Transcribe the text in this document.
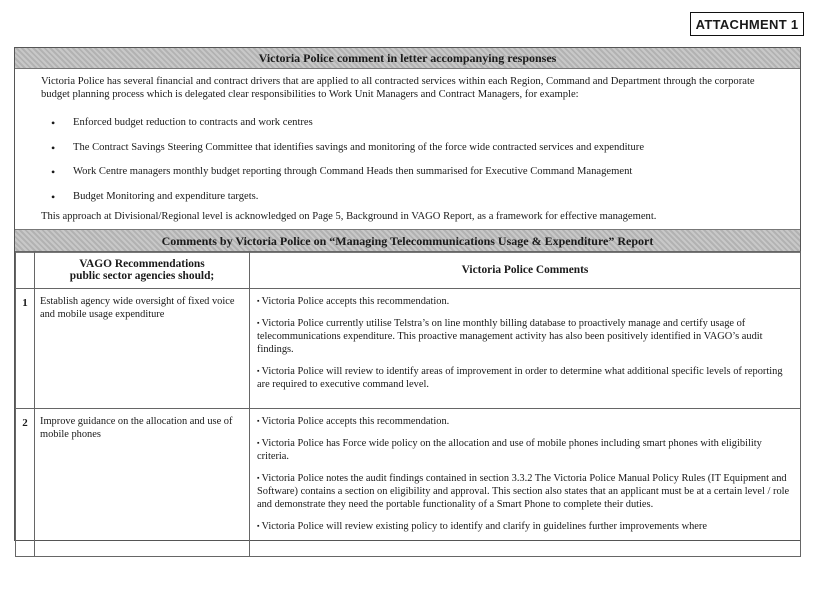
ATTACHMENT 1
Victoria Police comment in letter accompanying responses
Victoria Police has several financial and contract drivers that are applied to all contracted services within each Region, Command and Department through the corporate budget planning process which is delegated clear responsibilities to Work Unit Managers and Contract Managers, for example:
• Enforced budget reduction to contracts and work centres
• The Contract Savings Steering Committee that identifies savings and monitoring of the force wide contracted services and expenditure
• Work Centre managers monthly budget reporting through Command Heads then summarised for Executive Command Management
• Budget Monitoring and expenditure targets.
This approach at Divisional/Regional level is acknowledged on Page 5, Background in VAGO Report, as a framework for effective management.
Comments by Victoria Police on “Managing Telecommunications Usage & Expenditure” Report

	VAGO Recommendations
public sector agencies should;	Victoria Police Comments
1	Establish agency wide oversight of fixed voice and mobile usage expenditure	▪ Victoria Police accepts this recommendation.
▪ Victoria Police currently utilise Telstra’s on line monthly billing database to proactively manage and certify usage of telecommunications expenditure. This proactive management activity has also been positively identified in VAGO’s audit findings.
▪ Victoria Police will review to identify areas of improvement in order to determine what additional specific levels of reporting are required to executive command level.

2	Improve guidance on the allocation and use of mobile phones	▪ Victoria Police accepts this recommendation.
▪ Victoria Police has Force wide policy on the allocation and use of mobile phones including smart phones with eligibility criteria.
▪ Victoria Police notes the audit findings contained in section 3.3.2 The Victoria Police Manual Policy Rules (IT Equipment and Software) contains a section on eligibility and approval. This section also states that an applicant must be at a certain level / role and demonstrate they need the portable functionality of a Smart Phone to complete their duties.
▪ Victoria Police will review existing policy to identify and clarify in guidelines further improvements where
